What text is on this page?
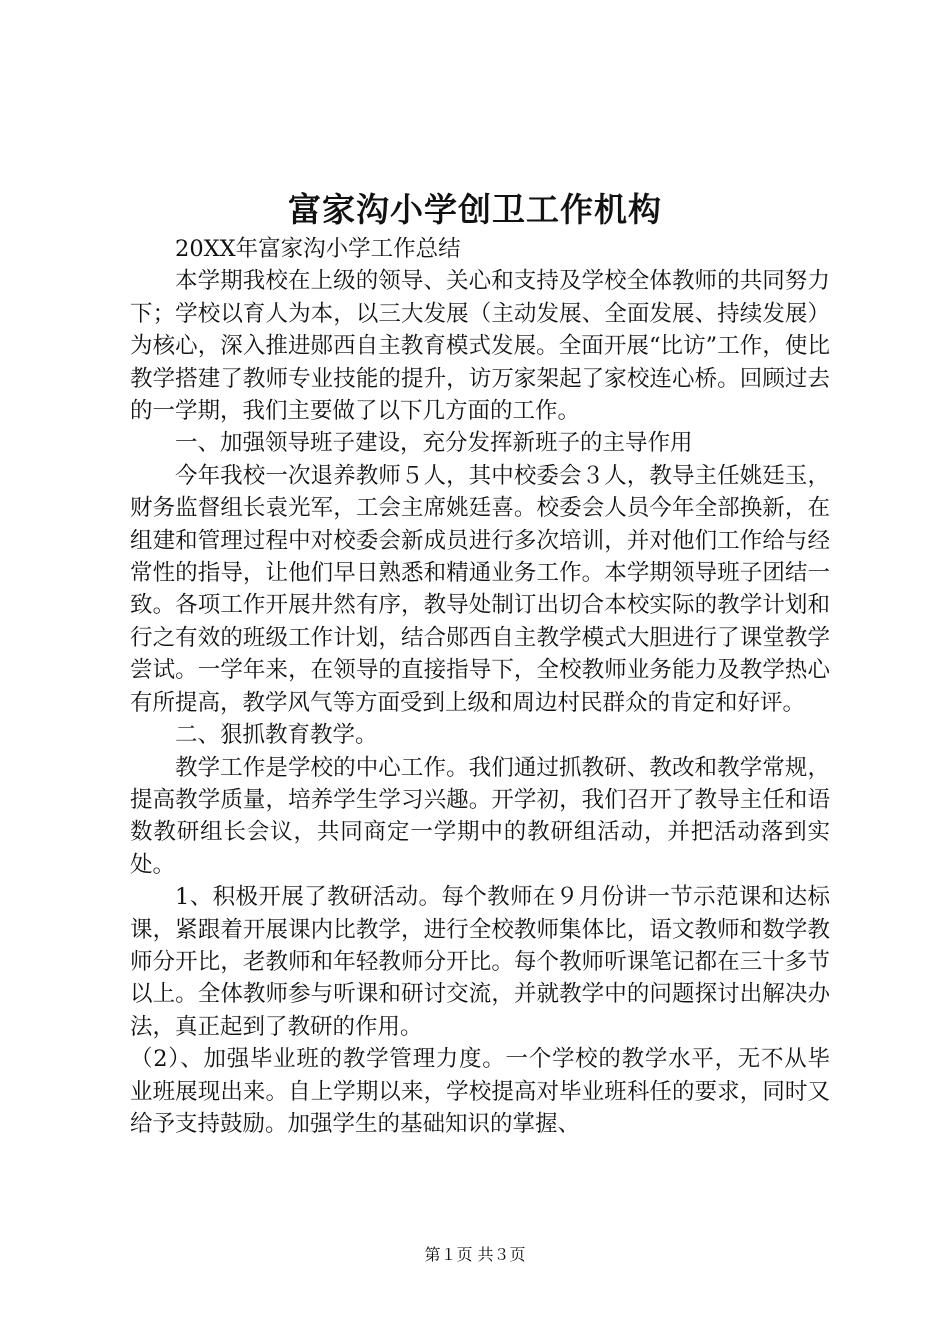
富家沟小学创卫工作机构

20XX年富家沟小学工作总结

本学期我校在上级的领导、关心和支持及学校全体教师的共同努力下；学校以育人为本，以三大发展（主动发展、全面发展、持续发展）为核心，深入推进郧西自主教育模式发展。全面开展“比访”工作，使比教学搭建了教师专业技能的提升，访万家架起了家校连心桥。回顾过去的一学期，我们主要做了以下几方面的工作。

一、加强领导班子建设，充分发挥新班子的主导作用

今年我校一次退养教师５人，其中校委会３人，教导主任姚廷玉，财务监督组长袁光军，工会主席姚廷喜。校委会人员今年全部换新，在组建和管理过程中对校委会新成员进行多次培训，并对他们工作给与经常性的指导，让他们早日熟悉和精通业务工作。本学期领导班子团结一致。各项工作开展井然有序，教导处制订出切合本校实际的教学计划和行之有效的班级工作计划，结合郧西自主教学模式大胆进行了课堂教学尝试。一学年来，在领导的直接指导下，全校教师业务能力及教学热心有所提高，教学风气等方面受到上级和周边村民群众的肯定和好评。

二、狠抓教育教学。

教学工作是学校的中心工作。我们通过抓教研、教改和教学常规，提高教学质量，培养学生学习兴趣。开学初，我们召开了教导主任和语数教研组长会议，共同商定一学期中的教研组活动，并把活动落到实处。

1、积极开展了教研活动。每个教师在９月份讲一节示范课和达标课，紧跟着开展课内比教学，进行全校教师集体比，语文教师和数学教师分开比，老教师和年轻教师分开比。每个教师听课笔记都在三十多节以上。全体教师参与听课和研讨交流，并就教学中的问题探讨出解决办法，真正起到了教研的作用。

（2）、加强毕业班的教学管理力度。一个学校的教学水平，无不从毕业班展现出来。自上学期以来，学校提高对毕业班科任的要求，同时又给予支持鼓励。加强学生的基础知识的掌握、

第１页 共３页
